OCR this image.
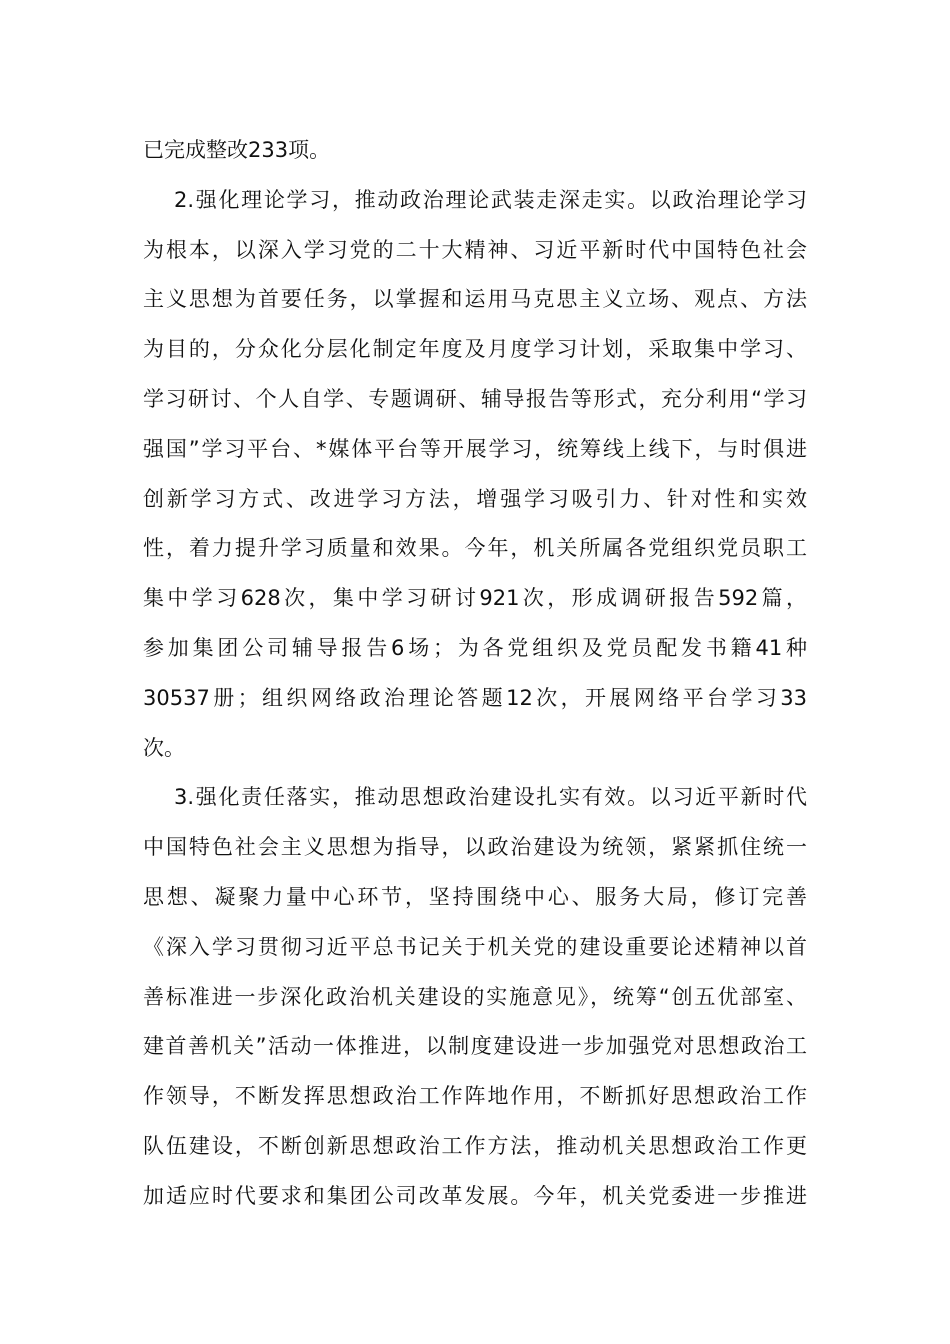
已完成整改233项。
2.强化理论学习，推动政治理论武装走深走实。以政治理论学习
为根本，以深入学习党的二十大精神、习近平新时代中国特色社会
主义思想为首要任务，以掌握和运用马克思主义立场、观点、方法
为目的，分众化分层化制定年度及月度学习计划，采取集中学习、
学习研讨、个人自学、专题调研、辅导报告等形式，充分利用“学习
强国”学习平台、*媒体平台等开展学习，统筹线上线下，与时俱进
创新学习方式、改进学习方法，增强学习吸引力、针对性和实效
性，着力提升学习质量和效果。今年，机关所属各党组织党员职工
集中学习628次，集中学习研讨921次，形成调研报告592篇，
参加集团公司辅导报告6场；为各党组织及党员配发书籍41种
30537册；组织网络政治理论答题12次，开展网络平台学习33
次。
3.强化责任落实，推动思想政治建设扎实有效。以习近平新时代
中国特色社会主义思想为指导，以政治建设为统领，紧紧抓住统一
思想、凝聚力量中心环节，坚持围绕中心、服务大局，修订完善
《深入学习贯彻习近平总书记关于机关党的建设重要论述精神以首
善标准进一步深化政治机关建设的实施意见》，统筹“创五优部室、
建首善机关”活动一体推进，以制度建设进一步加强党对思想政治工
作领导，不断发挥思想政治工作阵地作用，不断抓好思想政治工作
队伍建设，不断创新思想政治工作方法，推动机关思想政治工作更
加适应时代要求和集团公司改革发展。今年，机关党委进一步推进
